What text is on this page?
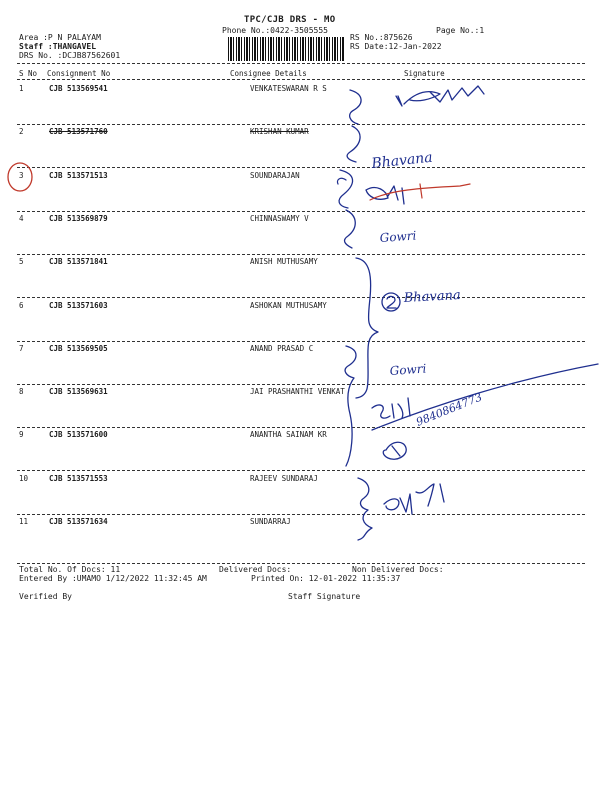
TPC/CJB DRS - MO
Phone No.:0422-3505555	Page No.:1
Area :P N PALAYAM
Staff :THANGAVEL
DRS No. :DCJB87562601
RS No.:875626
RS Date:12-Jan-2022
S No Consignment No	Consignee Details	Signature
1	CJB 513569541	VENKATESWARAN R S
2	CJB 513571760	KRISHAN KUMAR
3	CJB 513571513	SOUNDARAJAN
4	CJB 513569879	CHINNASWAMY V
5	CJB 513571841	ANISH MUTHUSAMY
6	CJB 513571603	ASHOKAN MUTHUSAMY
7	CJB 513569505	ANAND PRASAD C
8	CJB 513569631	JAI PRASHANTHI VENKAT
9	CJB 513571600	ANANTHA SAINAM KR
10	CJB 513571553	RAJEEV SUNDARAJ
11	CJB 513571634	SUNDARRAJ
Total No. Of Docs: 11	Delivered Docs:	Non Delivered Docs:
Entered By :UMAMO 1/12/2022 11:32:45 AM	Printed On: 12-01-2022 11:35:37
Verified By	Staff Signature
Bhavana
Gowri
Bhavana
Gowri
9840864773
